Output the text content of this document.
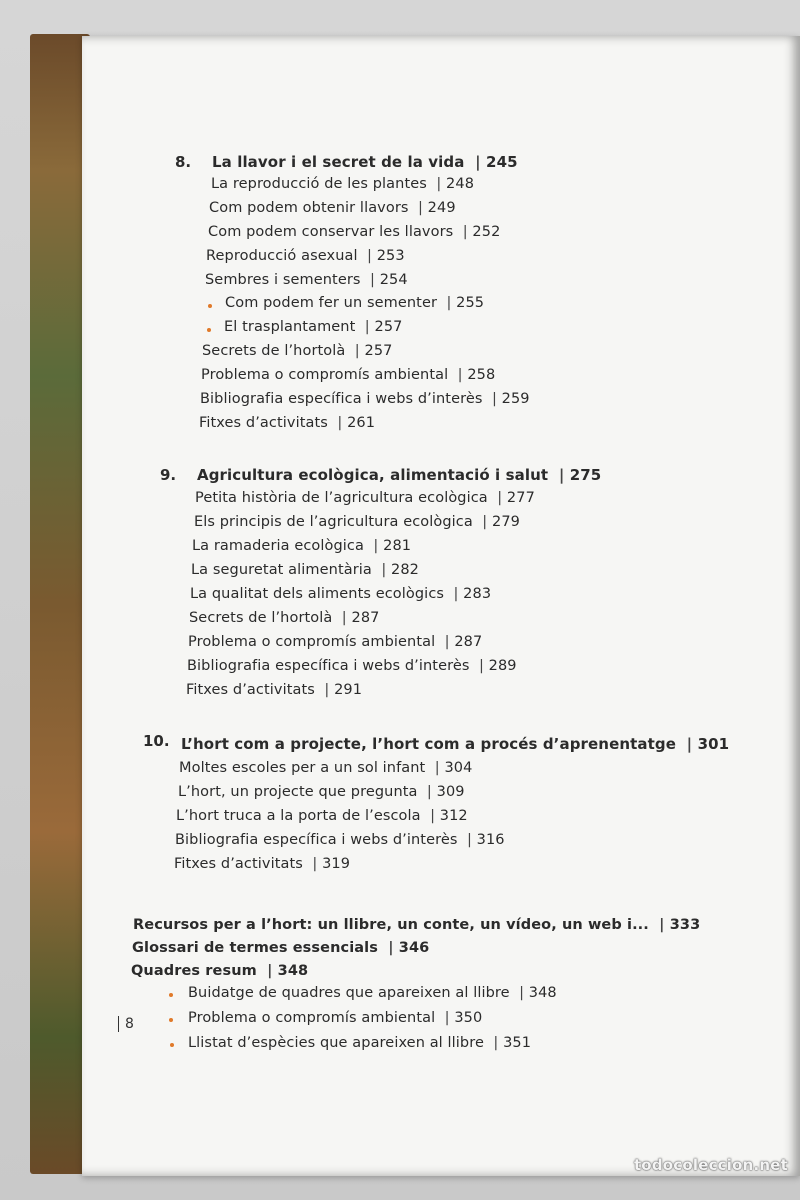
8. La llavor i el secret de la vida  | 245
La reproducció de les plantes  | 248
Com podem obtenir llavors  | 249
Com podem conservar les llavors  | 252
Reproducció asexual  | 253
Sembres i sementers  | 254
Com podem fer un sementer  | 255
El trasplantament  | 257
Secrets de l’hortolà  | 257
Problema o compromís ambiental  | 258
Bibliografia específica i webs d’interès  | 259
Fitxes d’activitats  | 261
9. Agricultura ecològica, alimentació i salut  | 275
Petita història de l’agricultura ecològica  | 277
Els principis de l’agricultura ecològica  | 279
La ramaderia ecològica  | 281
La seguretat alimentària  | 282
La qualitat dels aliments ecològics  | 283
Secrets de l’hortolà  | 287
Problema o compromís ambiental  | 287
Bibliografia específica i webs d’interès  | 289
Fitxes d’activitats  | 291
10. L’hort com a projecte, l’hort com a procés d’aprenentatge  | 301
Moltes escoles per a un sol infant  | 304
L’hort, un projecte que pregunta  | 309
L’hort truca a la porta de l’escola  | 312
Bibliografia específica i webs d’interès  | 316
Fitxes d’activitats  | 319
Recursos per a l’hort: un llibre, un conte, un vídeo, un web i...  | 333
Glossari de termes essencials  | 346
Quadres resum  | 348
Buidatge de quadres que apareixen al llibre  | 348
Problema o compromís ambiental  | 350
Llistat d’espècies que apareixen al llibre  | 351
8
todocoleccion.net
